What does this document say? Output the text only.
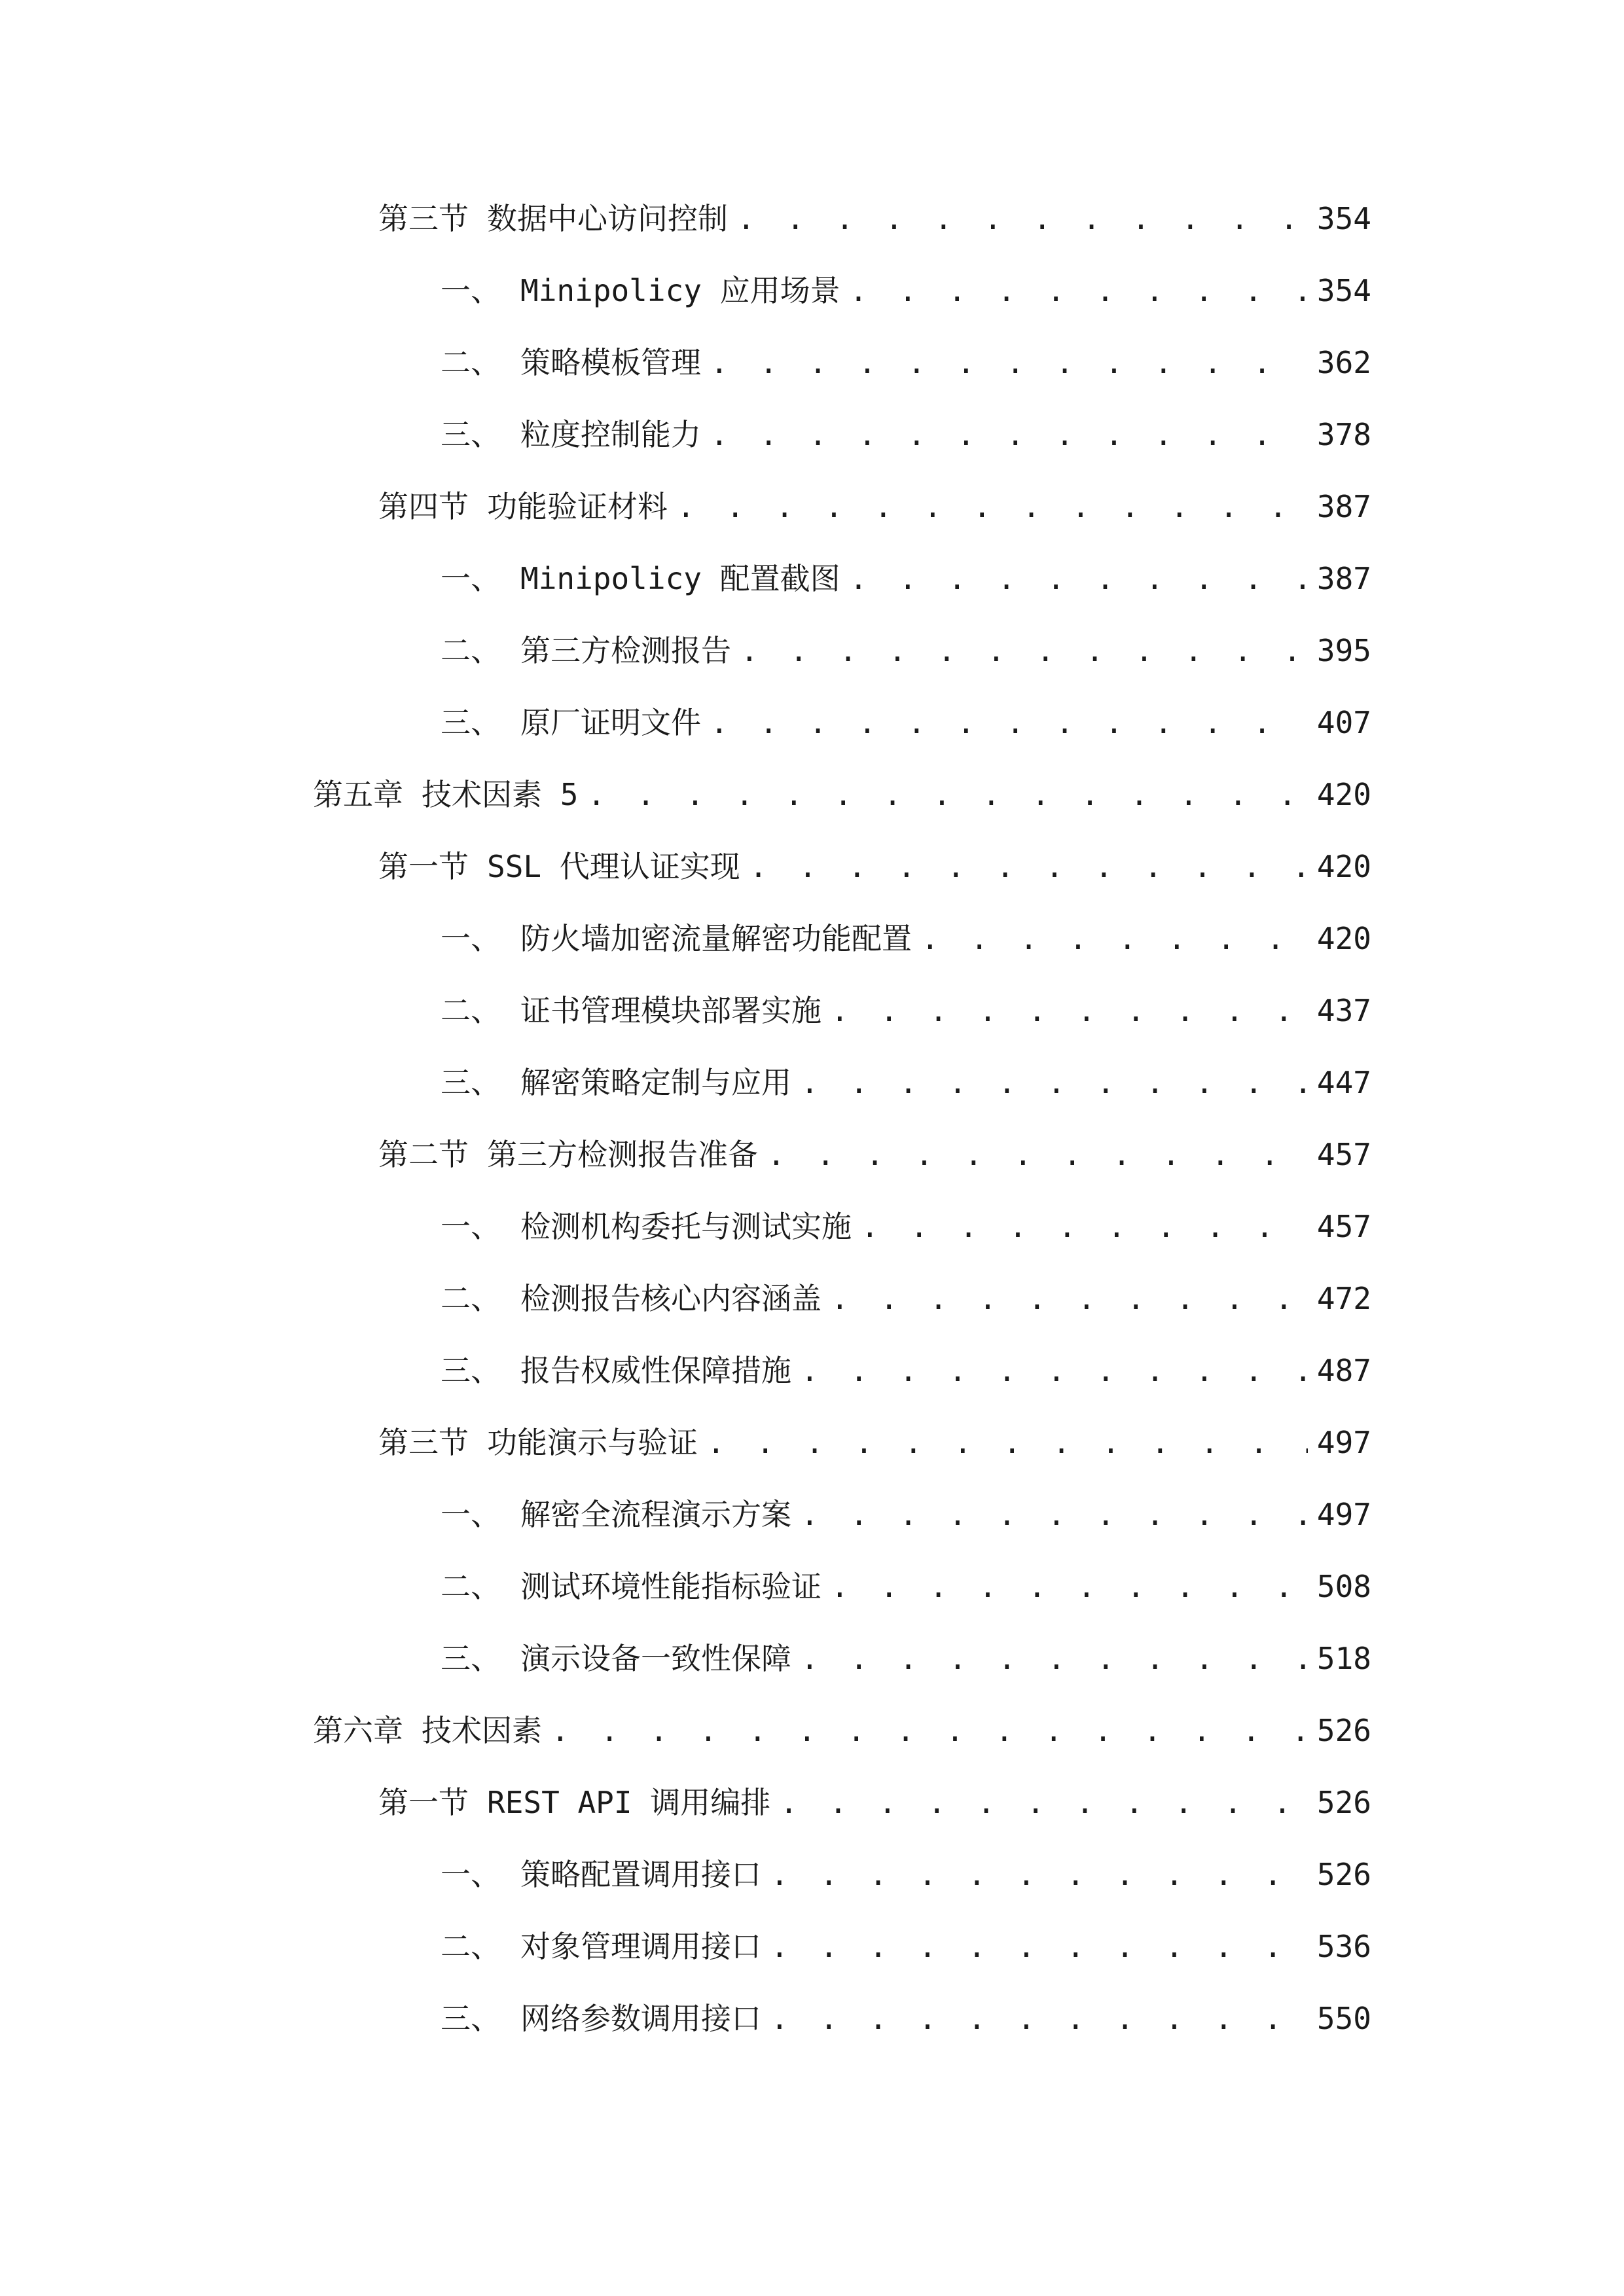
第三节 数据中心访问控制 . . .	354
一、 Minipolicy 应用场景 . . .	354
二、 策略模板管理 . . .	362
三、 粒度控制能力 . . .	378
第四节 功能验证材料 . . .	387
一、 Minipolicy 配置截图 . . .	387
二、 第三方检测报告 . . .	395
三、 原厂证明文件 . . .	407
第五章 技术因素 5 . . .	420
第一节 SSL 代理认证实现 . . .	420
一、 防火墙加密流量解密功能配置 . . .	420
二、 证书管理模块部署实施 . . .	437
三、 解密策略定制与应用 . . .	447
第二节 第三方检测报告准备 . . .	457
一、 检测机构委托与测试实施 . . .	457
二、 检测报告核心内容涵盖 . . .	472
三、 报告权威性保障措施 . . .	487
第三节 功能演示与验证 . . .	497
一、 解密全流程演示方案 . . .	497
二、 测试环境性能指标验证 . . .	508
三、 演示设备一致性保障 . . .	518
第六章 技术因素 . . .	526
第一节 REST API 调用编排 . . .	526
一、 策略配置调用接口 . . .	526
二、 对象管理调用接口 . . .	536
三、 网络参数调用接口 . . .	550
